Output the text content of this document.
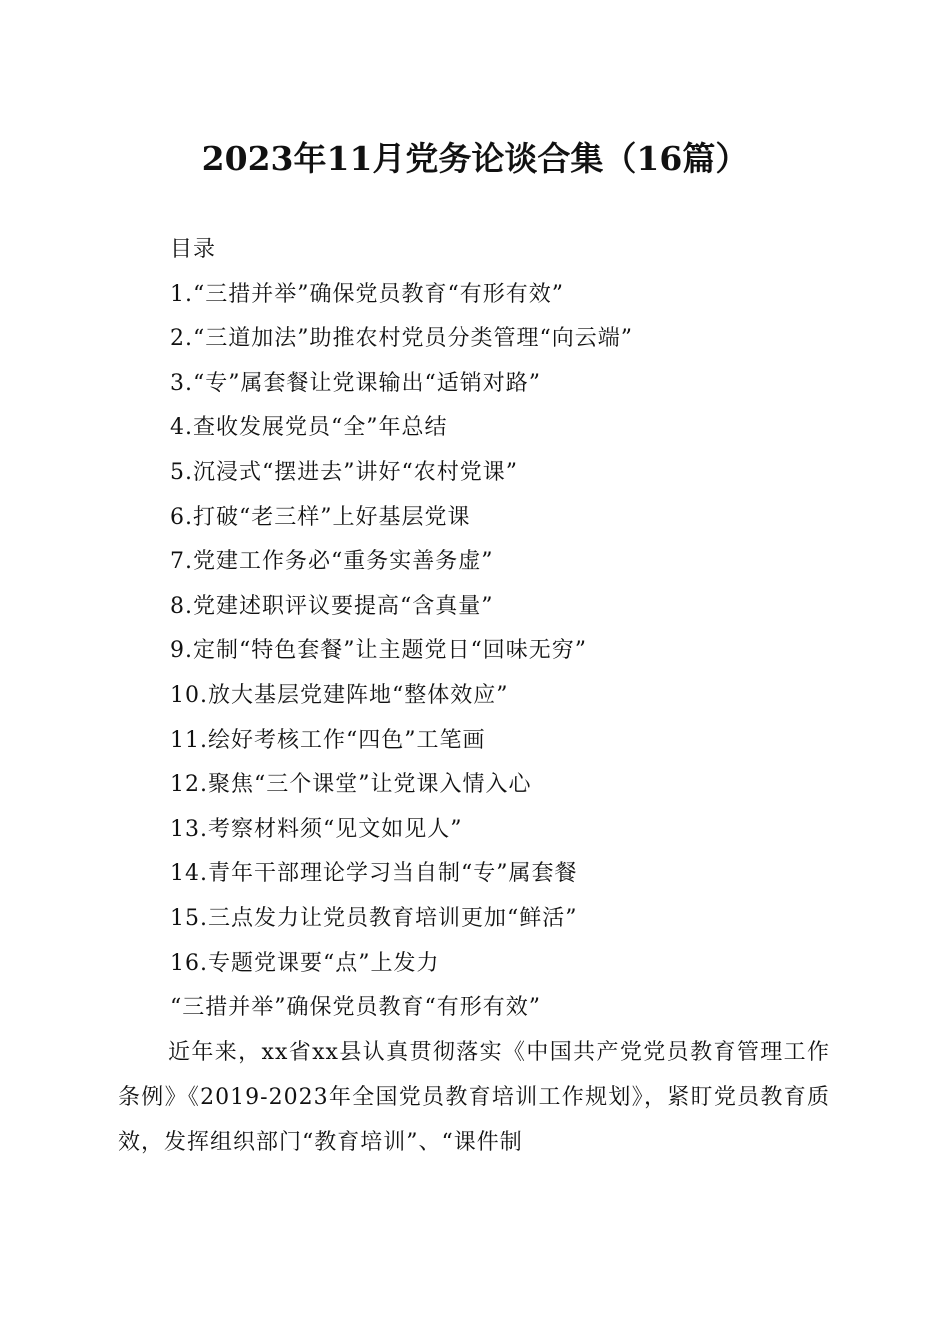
2023年11月党务论谈合集（16篇）
目录
1.“三措并举”确保党员教育“有形有效”
2.“三道加法”助推农村党员分类管理“向云端”
3.“专”属套餐让党课输出“适销对路”
4.查收发展党员“全”年总结
5.沉浸式“摆进去”讲好“农村党课”
6.打破“老三样”上好基层党课
7.党建工作务必“重务实善务虚”
8.党建述职评议要提高“含真量”
9.定制“特色套餐”让主题党日“回味无穷”
10.放大基层党建阵地“整体效应”
11.绘好考核工作“四色”工笔画
12.聚焦“三个课堂”让党课入情入心
13.考察材料须“见文如见人”
14.青年干部理论学习当自制“专”属套餐
15.三点发力让党员教育培训更加“鲜活”
16.专题党课要“点”上发力
“三措并举”确保党员教育“有形有效”

近年来，xx省xx县认真贯彻落实《中国共产党党员教育管理工作条例》《2019-2023年全国党员教育培训工作规划》，紧盯党员教育质效，发挥组织部门“教育培训”、“课件制
